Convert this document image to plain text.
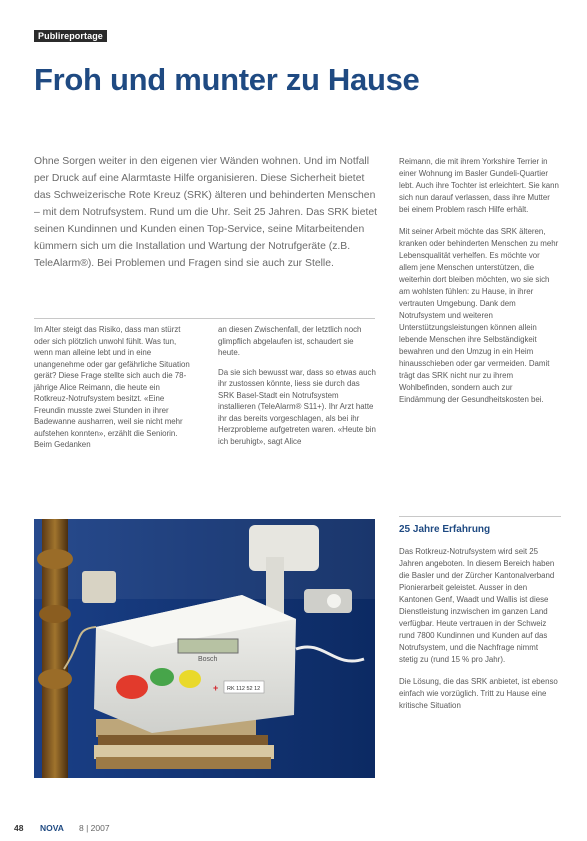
Publireportage
Froh und munter zu Hause
Ohne Sorgen weiter in den eigenen vier Wänden wohnen. Und im Notfall per Druck auf eine Alarmtaste Hilfe organisieren. Diese Sicherheit bietet das Schweizerische Rote Kreuz (SRK) älteren und behinderten Menschen – mit dem Notrufsystem. Rund um die Uhr. Seit 25 Jahren. Das SRK bietet seinen Kundinnen und Kunden einen Top-Service, seine Mitarbeitenden kümmern sich um die Installation und Wartung der Notrufgeräte (z.B. TeleAlarm®). Bei Problemen und Fragen sind sie auch zur Stelle.

Im Alter steigt das Risiko, dass man stürzt oder sich plötzlich unwohl fühlt. Was tun, wenn man alleine lebt und in eine unangenehme oder gar gefährliche Situation gerät? Diese Frage stellte sich auch die 78-jährige Alice Reimann, die heute ein Rotkreuz-Notrufsystem besitzt. «Eine Freundin musste zwei Stunden in ihrer Badewanne ausharren, weil sie nicht mehr aufstehen konnten», erzählt die Seniorin. Beim Gedanken

an diesen Zwischenfall, der letztlich noch glimpflich abgelaufen ist, schaudert sie heute.

Da sie sich bewusst war, dass so etwas auch ihr zustossen könnte, liess sie durch das SRK Basel-Stadt ein Notrufsystem installieren (TeleAlarm® S11+). Ihr Arzt hatte ihr das bereits vorgeschlagen, als bei ihr Herzprobleme aufgetreten waren. «Heute bin ich beruhigt», sagt Alice

Reimann, die mit ihrem Yorkshire Terrier in einer Wohnung im Basler Gundeli-Quartier lebt. Auch ihre Tochter ist erleichtert. Sie kann sich nun darauf verlassen, dass ihre Mutter bei einem Problem rasch Hilfe erhält.

Mit seiner Arbeit möchte das SRK älteren, kranken oder behinderten Menschen zu mehr Lebensqualität verhelfen. Es möchte vor allem jene Menschen unterstützen, die weiterhin dort bleiben möchten, wo sie sich am wohlsten fühlen: zu Hause, in ihrer vertrauten Umgebung. Dank dem Notrufsystem und weiteren Unterstützungsleistungen können allein lebende Menschen ihre Selbständigkeit bewahren und den Umzug in ein Heim hinausschieben oder gar vermeiden. Damit trägt das SRK nicht nur zu ihrem Wohlbefinden, sondern auch zur Eindämmung der Gesundheitskosten bei.

25 Jahre Erfahrung

Das Rotkreuz-Notrufsystem wird seit 25 Jahren angeboten. In diesem Bereich haben die Basler und der Zürcher Kantonalverband Pionierarbeit geleistet. Ausser in den Kantonen Genf, Waadt und Wallis ist diese Dienstleistung inzwischen im ganzen Land verfügbar. Heute vertrauen in der Schweiz rund 7800 Kundinnen und Kunden auf das Notrufsystem, und die Nachfrage nimmt stetig zu (rund 15 % pro Jahr).

Die Lösung, die das SRK anbietet, ist ebenso einfach wie vorzüglich. Tritt zu Hause eine kritische Situation

Bosch
+ RK 112 52 12
48 NOVA 8 | 2007
